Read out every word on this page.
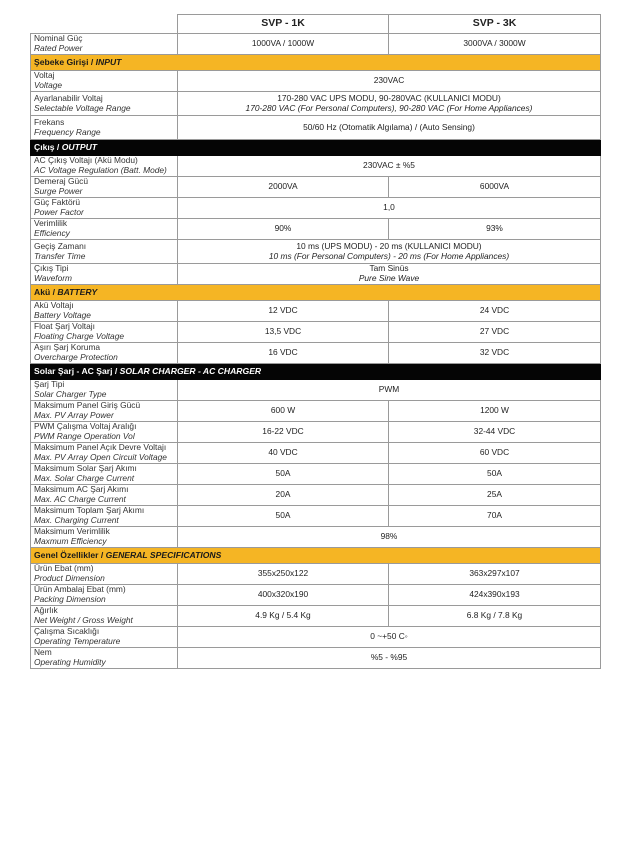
	SVP - 1K	SVP - 3K

Nominal Güç
Rated Power	1000VA / 1000W	3000VA / 3000W
Şebeke Girişi / INPUT		

Voltaj
Voltage	230VAC	

Ayarlanabilir Voltaj
Selectable Voltage Range	170-280 VAC UPS MODU, 90-280VAC (KULLANICI MODU)
170-280 VAC (For Personal Computers), 90-280 VAC (For Home Appliances)	

Frekans
Frequency Range	50/60 Hz (Otomatik Algılama) / (Auto Sensing)	

Çıkış / OUTPUT		

AC Çıkış Voltajı (Akü Modu)
AC Voltage Regulation (Batt. Mode)	230VAC ± %5	

Demeraj Gücü
Surge Power	2000VA	6000VA

Güç Faktörü
Power Factor	1,0	

Verimlilik
Efficiency	90%	93%

Geçiş Zamanı
Transfer Time	10 ms (UPS MODU) - 20 ms (KULLANICI MODU)
10 ms (For Personal Computers) - 20 ms (For Home Appliances)	

Çıkış Tipi
Waveform	Tam Sinüs
Pure Sine Wave	

Akü / BATTERY		

Akü Voltajı
Battery Voltage	12 VDC	24 VDC

Float Şarj Voltajı
Floating Charge Voltage	13,5 VDC	27 VDC

Aşırı Şarj Koruma
Overcharge Protection	16 VDC	32 VDC
Solar Şarj - AC Şarj / SOLAR CHARGER - AC CHARGER		

Şarj Tipi
Solar Charger Type	PWM	

Maksimum Panel Giriş Gücü
Max. PV Array Power	600 W	1200 W

PWM Çalışma Voltaj Aralığı
PWM Range Operation Vol	16-22 VDC	32-44 VDC

Maksimum Panel Açık Devre Voltajı
Max. PV Array Open Circuit Voltage	40 VDC	60 VDC

Maksimum Solar Şarj Akımı
Max. Solar Charge Current	50A	50A

Maksimum AC Şarj Akımı
Max. AC Charge Current	20A	25A

Maksimum Toplam Şarj Akımı
Max. Charging Current	50A	70A

Maksimum Verimlilik
Maxmum Efficiency	98%	

Genel Özellikler / GENERAL SPECIFICATIONS		

Ürün Ebat (mm)
Product Dimension	355x250x122	363x297x107

Ürün Ambalaj Ebat (mm)
Packing Dimension	400x320x190	424x390x193

Ağırlık
Net Weight / Gross Weight	4.9 Kg / 5.4 Kg	6.8 Kg / 7.8 Kg

Çalışma Sıcaklığı
Operating Temperature	0 ~+50 C◦	

Nem
Operating Humidity	%5 - %95	
